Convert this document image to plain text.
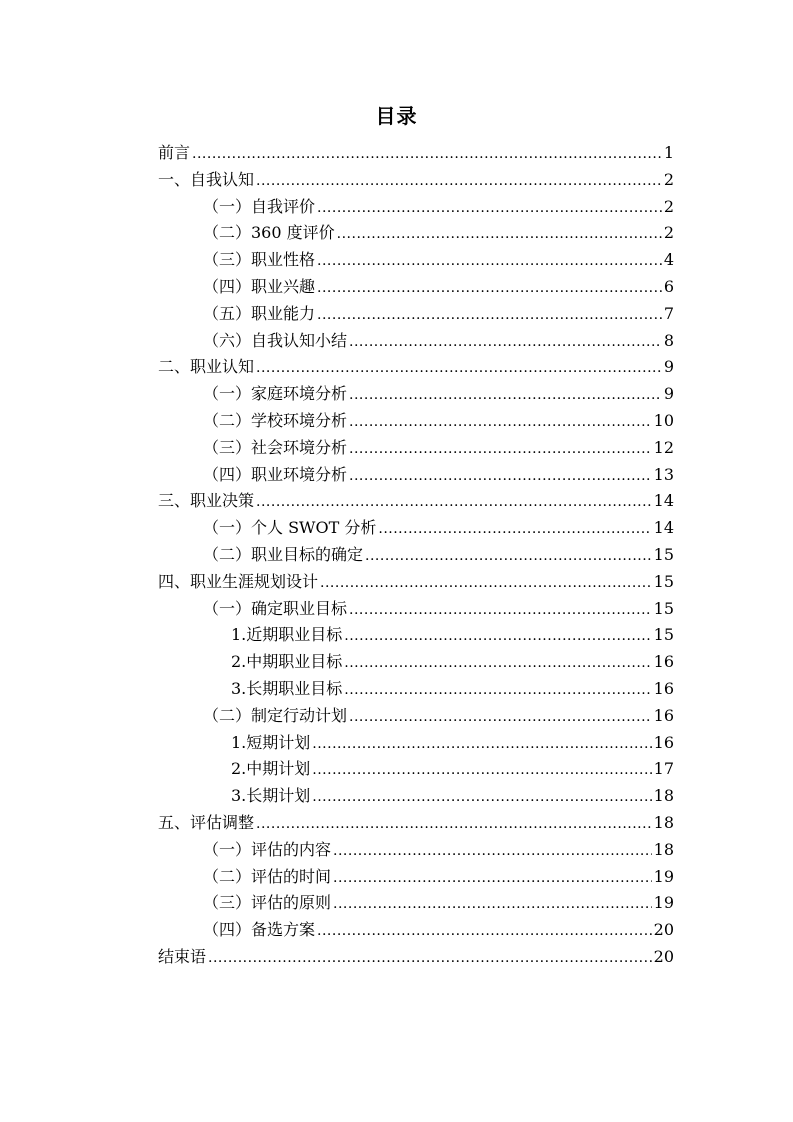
目录
前言 .....	1
一、自我认知 .....	2
（一）自我评价 .....	2
（二）360 度评价 .....	2
（三）职业性格 .....	4
（四）职业兴趣 .....	6
（五）职业能力 .....	7
（六）自我认知小结 .....	8
二、职业认知 .....	9
（一）家庭环境分析 .....	9
（二）学校环境分析 .....	10
（三）社会环境分析 .....	12
（四）职业环境分析 .....	13
三、职业决策 .....	14
（一）个人 SWOT 分析 .....	14
（二）职业目标的确定 .....	15
四、职业生涯规划设计 .....	15
（一）确定职业目标 .....	15
1.近期职业目标 .....	15
2.中期职业目标 .....	16
3.长期职业目标 .....	16
（二）制定行动计划 .....	16
1.短期计划 .....	16
2.中期计划 .....	17
3.长期计划 .....	18
五、评估调整 .....	18
（一）评估的内容 .....	18
（二）评估的时间 .....	19
（三）评估的原则 .....	19
（四）备选方案 .....	20
结束语 .....	20
